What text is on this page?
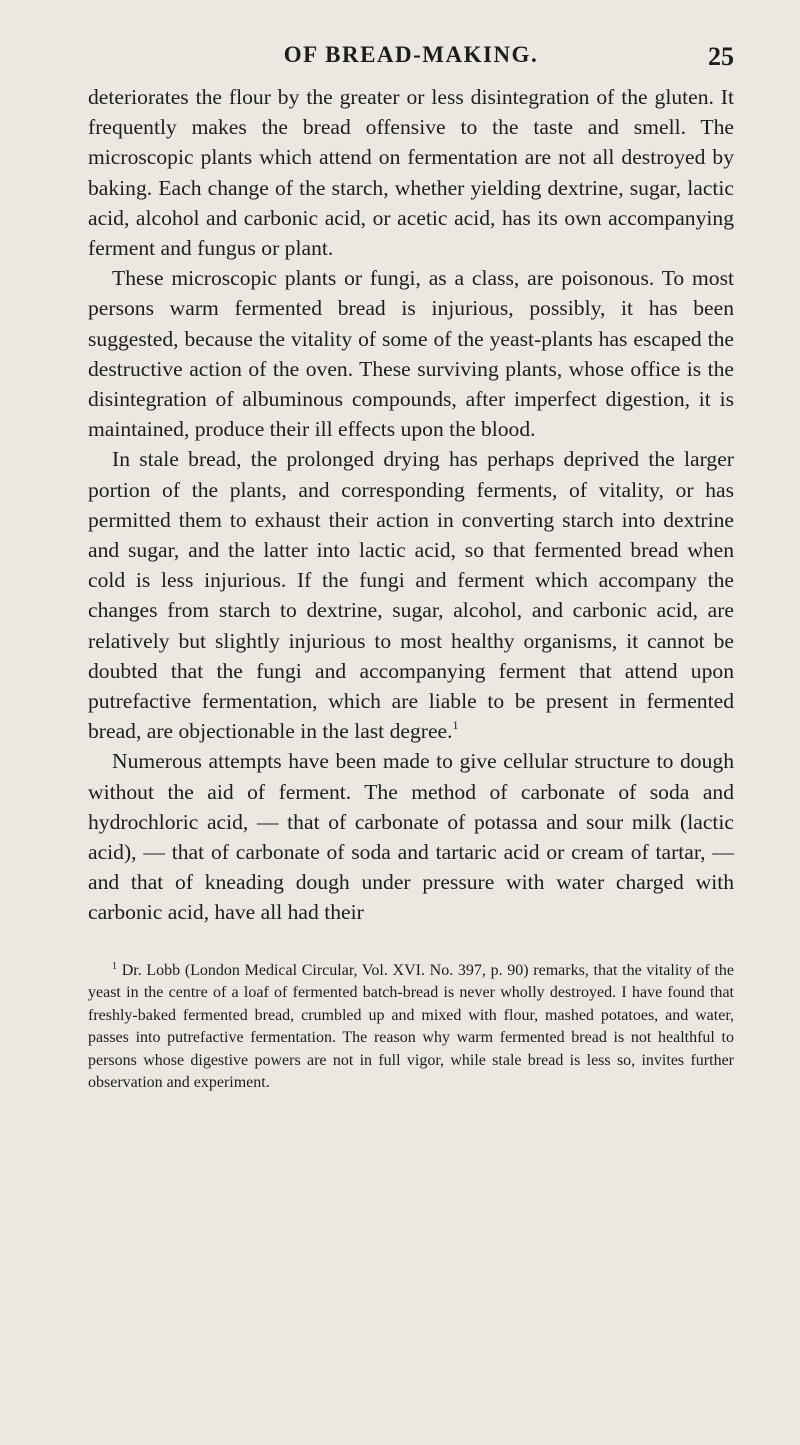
OF BREAD-MAKING.	25

deteriorates the flour by the greater or less disintegration of the gluten. It frequently makes the bread offensive to the taste and smell. The microscopic plants which attend on fermentation are not all destroyed by baking. Each change of the starch, whether yielding dextrine, sugar, lactic acid, alcohol and carbonic acid, or acetic acid, has its own accompanying ferment and fungus or plant.

These microscopic plants or fungi, as a class, are poisonous. To most persons warm fermented bread is injurious, possibly, it has been suggested, because the vitality of some of the yeast-plants has escaped the destructive action of the oven. These surviving plants, whose office is the disintegration of albuminous compounds, after imperfect digestion, it is maintained, produce their ill effects upon the blood.

In stale bread, the prolonged drying has perhaps deprived the larger portion of the plants, and corresponding ferments, of vitality, or has permitted them to exhaust their action in converting starch into dextrine and sugar, and the latter into lactic acid, so that fermented bread when cold is less injurious. If the fungi and ferment which accompany the changes from starch to dextrine, sugar, alcohol, and carbonic acid, are relatively but slightly injurious to most healthy organisms, it cannot be doubted that the fungi and accompanying ferment that attend upon putrefactive fermentation, which are liable to be present in fermented bread, are objectionable in the last degree.$^1$

Numerous attempts have been made to give cellular structure to dough without the aid of ferment. The method of carbonate of soda and hydrochloric acid, — that of carbonate of potassa and sour milk (lactic acid), — that of carbonate of soda and tartaric acid or cream of tartar, — and that of kneading dough under pressure with water charged with carbonic acid, have all had their

$^1$ Dr. Lobb (London Medical Circular, Vol. XVI. No. 397, p. 90) remarks, that the vitality of the yeast in the centre of a loaf of fermented batch-bread is never wholly destroyed. I have found that freshly-baked fermented bread, crumbled up and mixed with flour, mashed potatoes, and water, passes into putrefactive fermentation. The reason why warm fermented bread is not healthful to persons whose digestive powers are not in full vigor, while stale bread is less so, invites further observation and experiment.
